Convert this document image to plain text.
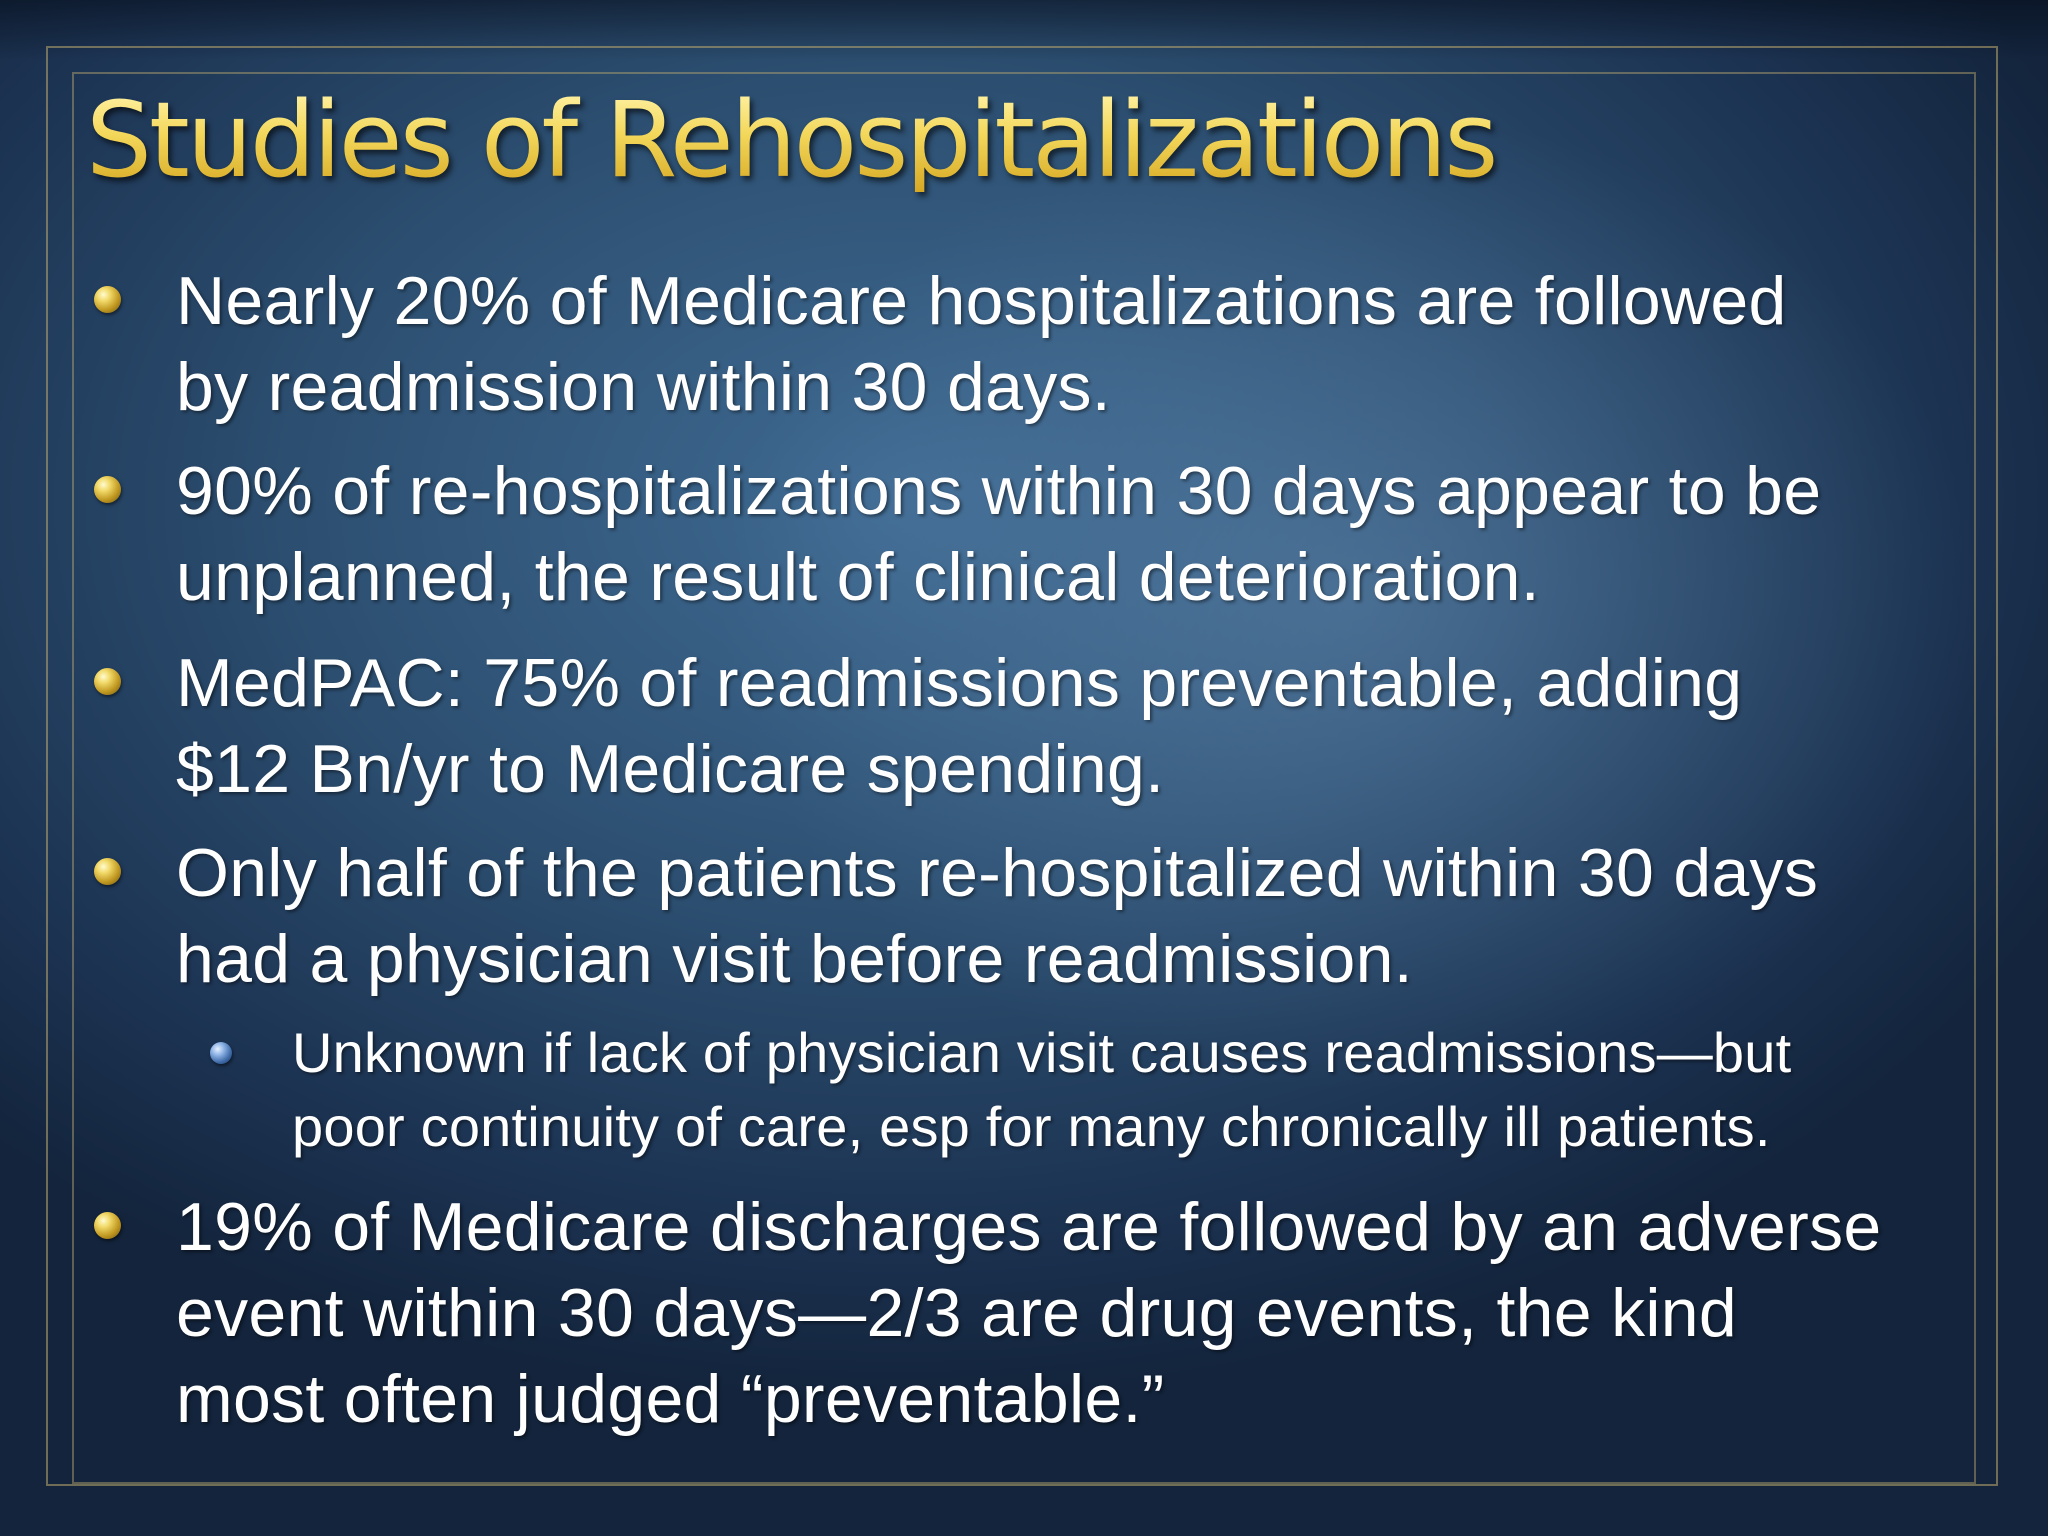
Studies of Rehospitalizations
Nearly 20% of Medicare hospitalizations are followed
by readmission within 30 days.
90% of re-hospitalizations within 30 days appear to be
unplanned, the result of clinical deterioration.
MedPAC: 75% of readmissions preventable, adding
$12 Bn/yr to Medicare spending.
Only half of the patients re-hospitalized within 30 days
had a physician visit before readmission.
Unknown if lack of physician visit causes readmissions—but
poor continuity of care, esp for many chronically ill patients.
19% of Medicare discharges are followed by an adverse
event within 30 days—2/3 are drug events, the kind
most often judged “preventable.”
